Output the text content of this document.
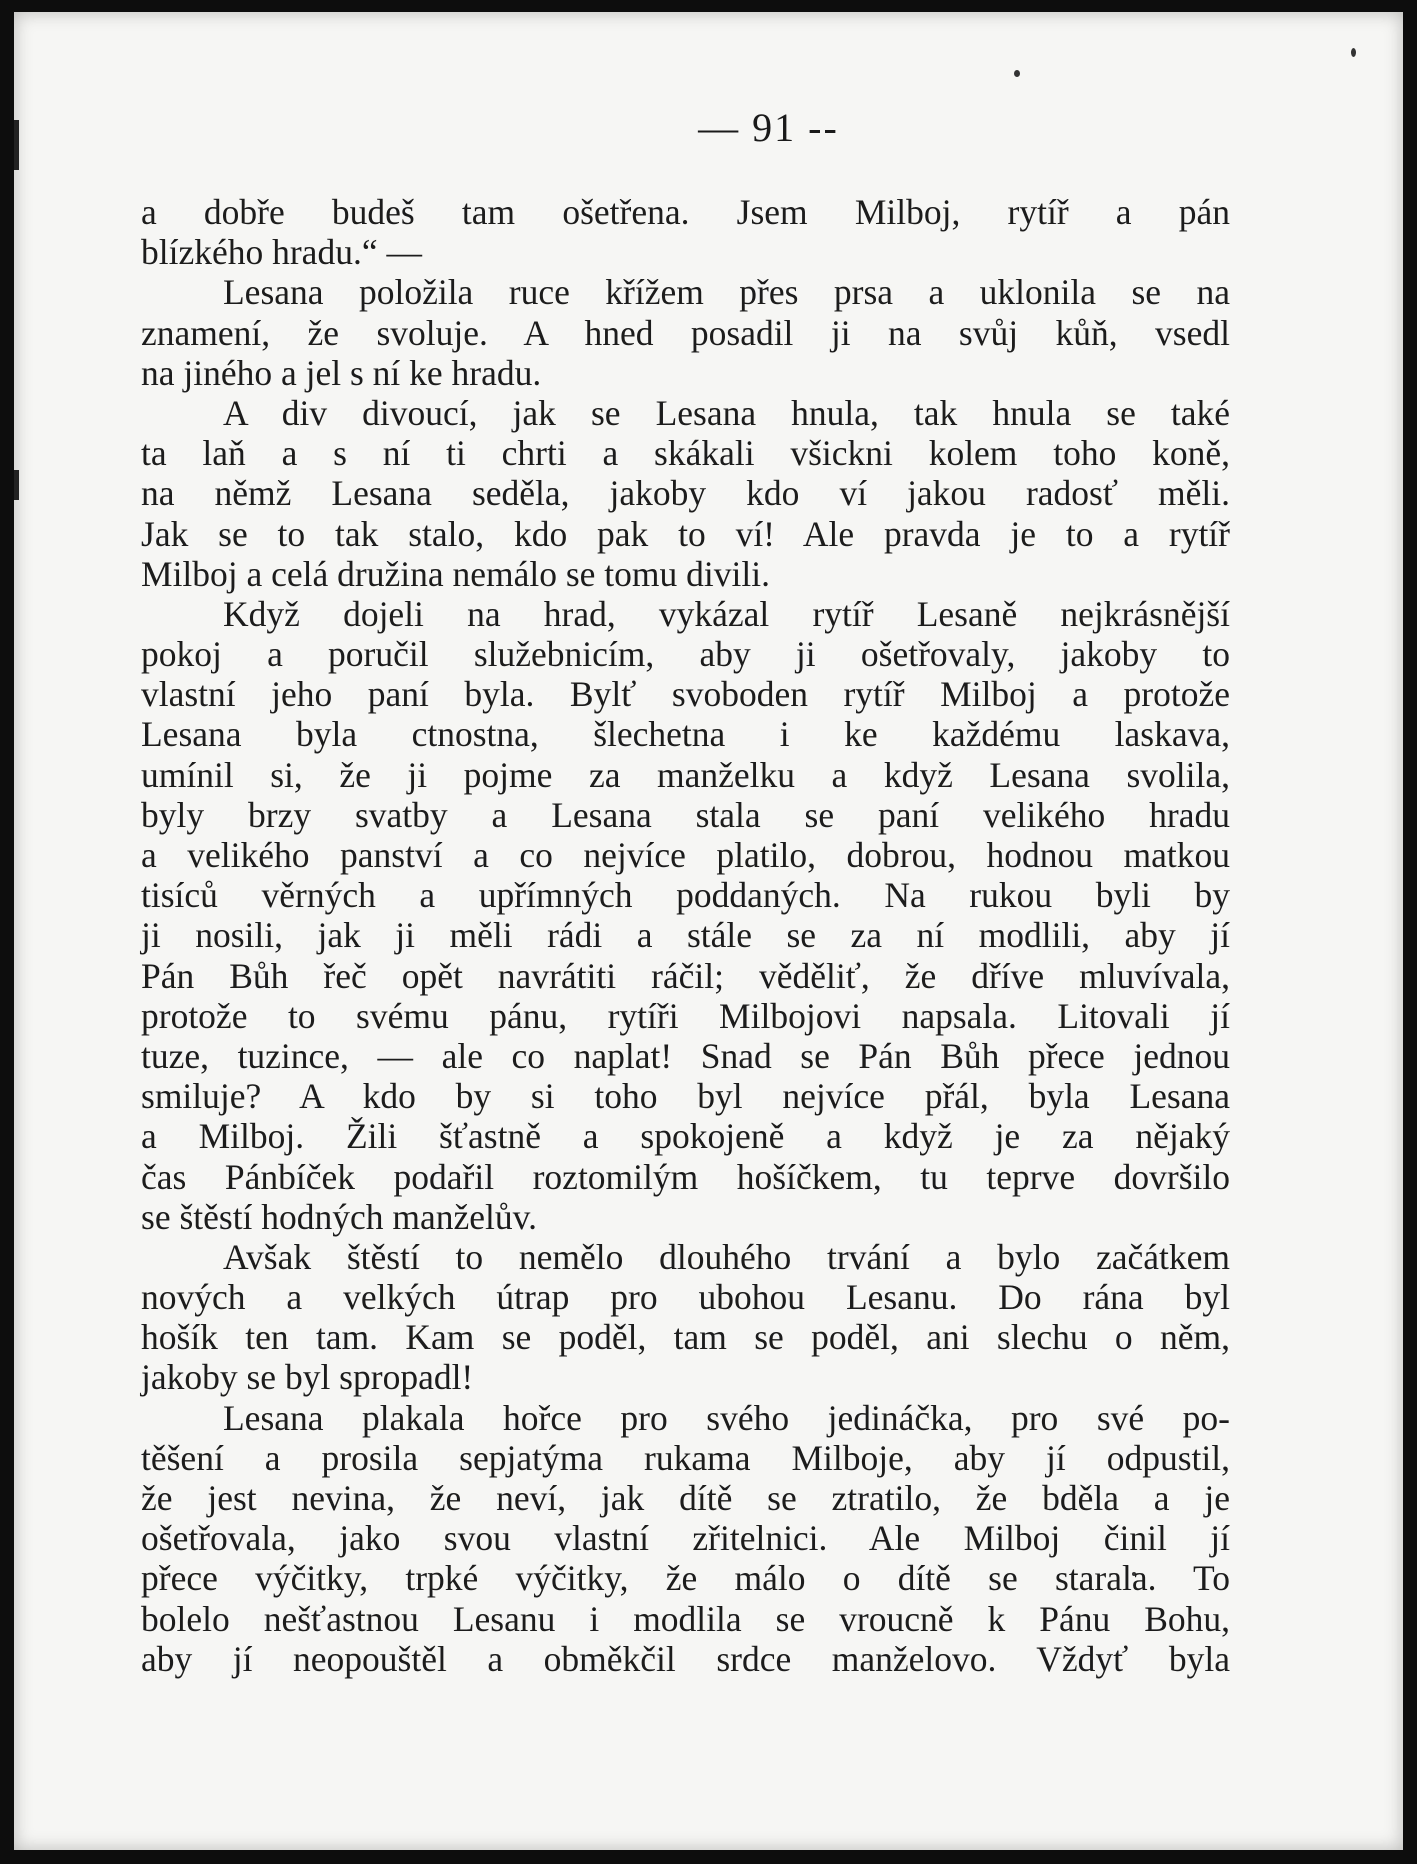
— 91 --
a dobře budeš tam ošetřena. Jsem Milboj, rytíř a pán
blízkého hradu.“ —
Lesana položila ruce křížem přes prsa a uklonila se na
znamení, že svoluje. A hned posadil ji na svůj kůň, vsedl
na jiného a jel s ní ke hradu.
A div divoucí, jak se Lesana hnula, tak hnula se také
ta laň a s ní ti chrti a skákali všickni kolem toho koně,
na němž Lesana seděla, jakoby kdo ví jakou radosť měli.
Jak se to tak stalo, kdo pak to ví! Ale pravda je to a rytíř
Milboj a celá družina nemálo se tomu divili.
Když dojeli na hrad, vykázal rytíř Lesaně nejkrásnější
pokoj a poručil služebnicím, aby ji ošetřovaly, jakoby to
vlastní jeho paní byla. Bylť svoboden rytíř Milboj a protože
Lesana byla ctnostna, šlechetna i ke každému laskava,
umínil si, že ji pojme za manželku a když Lesana svolila,
byly brzy svatby a Lesana stala se paní velikého hradu
a velikého panství a co nejvíce platilo, dobrou, hodnou matkou
tisíců věrných a upřímných poddaných. Na rukou byli by
ji nosili, jak ji měli rádi a stále se za ní modlili, aby jí
Pán Bůh řeč opět navrátiti ráčil; věděliť, že dříve mluvívala,
protože to svému pánu, rytíři Milbojovi napsala. Litovali jí
tuze, tuzince, — ale co naplat! Snad se Pán Bůh přece jednou
smiluje? A kdo by si toho byl nejvíce přál, byla Lesana
a Milboj. Žili šťastně a spokojeně a když je za nějaký
čas Pánbíček podařil roztomilým hošíčkem, tu teprve dovršilo
se štěstí hodných manželův.
Avšak štěstí to nemělo dlouhého trvání a bylo začátkem
nových a velkých útrap pro ubohou Lesanu. Do rána byl
hošík ten tam. Kam se poděl, tam se poděl, ani slechu o něm,
jakoby se byl spropadl!
Lesana plakala hořce pro svého jedináčka, pro své po-
těšení a prosila sepjatýma rukama Milboje, aby jí odpustil,
že jest nevina, že neví, jak dítě se ztratilo, že bděla a je
ošetřovala, jako svou vlastní zřitelnici. Ale Milboj činil jí
přece výčitky, trpké výčitky, že málo o dítě se starala. To
bolelo nešťastnou Lesanu i modlila se vroucně k Pánu Bohu,
aby jí neopouštěl a obměkčil srdce manželovo. Vždyť byla
